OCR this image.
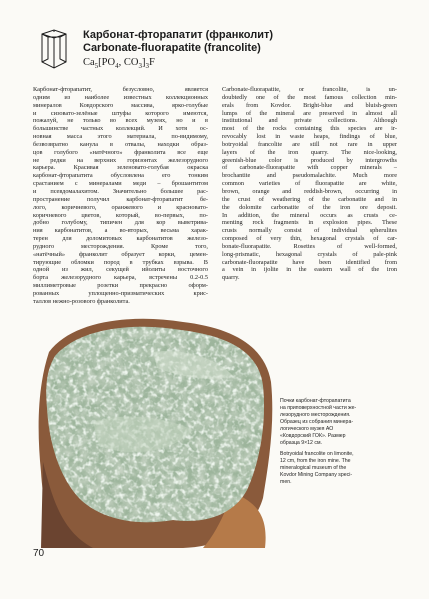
Карбонат-фторапатит (франколит)
Carbonate-fluorapatite (francolite)
$Ca_5[PO_4$, $CO_3]_3F$
Карбонат-фторапатит, безусловно, является
одним из наиболее известных коллекционных
минералов Ковдорского массива, ярко-голубые
и сизовато-зелёные штуфы которого имеются,
пожалуй, не только во всех музеях, но и в
большинстве частных коллекций. И хотя ос-
новная масса этого материала, по-видимому,
безвозвратно канула в отвалы, находки образ-
цов голубого «натёчного» франколита все еще
не редки на верхних горизонтах железорудного
карьера. Красивая зеленовато-голубая окраска
карбонат-фторапатита обусловлена его тонким
срастанием с минералами меди – брошантитом
и псевдомалахитом. Значительно большее рас-
пространение получил карбонат-фторапатит бе-
лого, коричневого, оранжевого и красновато-
коричневого цветов, который, во-первых, по-
добно голубому, типичен для кор выветрива-
ния карбонатитов, а во-вторых, весьма харак-
терен для доломитовых карбонатитов железо-
рудного месторождения. Кроме того,
«натёчный» франколит образует корки, цемен-
тирующие обломки пород в трубках взрыва. В
одной из жил, секущей ийолиты восточного
борта железорудного карьера, встречены 0.2-0.5
миллиметровые розетки прекрасно оформ-
рованных уплощенно-призматических крис-
таллов нежно-розового франколита.
Carbonate-fluorapatite, or francolite, is un-
doubtedly one of the most famous collection min-
erals from Kovdor. Bright-blue and bluish-green
lumps of the mineral are preserved in almost all
institutional and private collections. Although
most of the rocks containing this species are ir-
revocably lost in waste heaps, findings of blue,
botryoidal francolite are still not rare in upper
layers of the iron quarry. The nice-looking,
greenish-blue color is produced by intergrowths
of carbonate-fluorapatite with copper minerals –
brochantite and pseudomalachite. Much more
common varieties of fluorapatite are white,
brown, orange and reddish-brown, occurring in
the crust of weathering of the carbonatite and in
the dolomite carbonatite of the iron ore deposit.
In addition, the mineral occurs as crusts ce-
menting rock fragments in explosion pipes. These
crusts normally consist of individual spherulites
composed of very thin, hexagonal crystals of car-
bonate-fluorapatite. Rosettes of well-formed,
long-prismatic, hexagonal crystals of pale-pink
carbonate-fluorapatite have been identified from
a vein in ijolite in the eastern wall of the iron
quarry.
Почки карбонат-фторапатита
на приповерхностной части же-
лезорудного месторождения.
Образец из собрания минера-
логического музея АО
«Ковдорский ГОК». Размер
образца 9×12 см.
Botryoidal francolite on limonite,
12 cm, from the iron mine. The
mineralogical museum of the
Kovdor Mining Company speci-
men.
70
